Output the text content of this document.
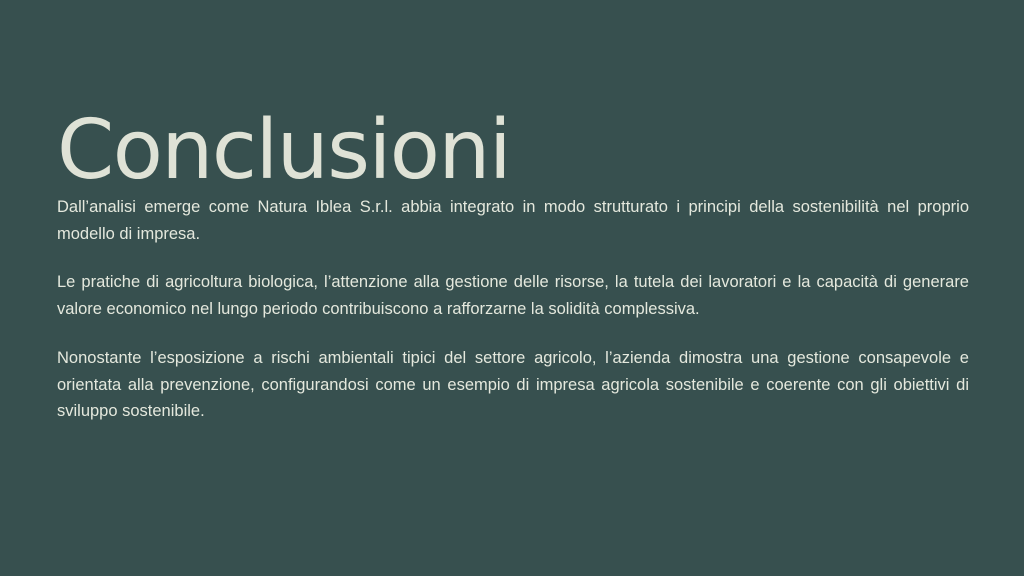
Conclusioni

Dall’analisi emerge come Natura Iblea S.r.l. abbia integrato in modo strutturato i principi della sostenibilità nel proprio modello di impresa.

Le pratiche di agricoltura biologica, l’attenzione alla gestione delle risorse, la tutela dei lavoratori e la capacità di generare valore economico nel lungo periodo contribuiscono a rafforzarne la solidità complessiva.

Nonostante l’esposizione a rischi ambientali tipici del settore agricolo, l’azienda dimostra una gestione consapevole e orientata alla prevenzione, configurandosi come un esempio di impresa agricola sostenibile e coerente con gli obiettivi di sviluppo sostenibile.
